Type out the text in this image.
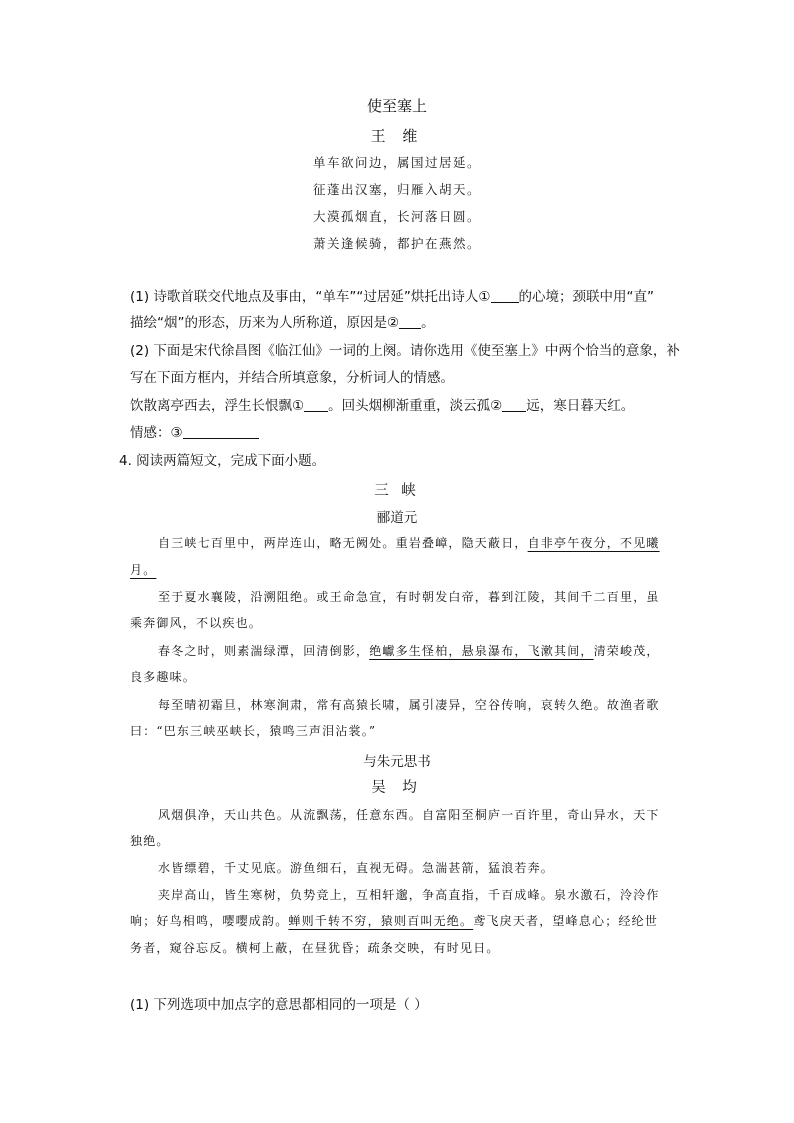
使至塞上
王 维
单车欲问边，属国过居延。
征蓬出汉塞，归雁入胡天。
大漠孤烟直，长河落日圆。
萧关逢候骑，都护在燕然。
(1) 诗歌首联交代地点及事由，“单车”“过居延”烘托出诗人① 的心境；颈联中用“直”
描绘“烟”的形态，历来为人所称道，原因是② 。
(2) 下面是宋代徐昌图《临江仙》一词的上阕。请你选用《使至塞上》中两个恰当的意象，补
写在下面方框内，并结合所填意象，分析词人的情感。
饮散离亭西去，浮生长恨飘① 。回头烟柳渐重重，淡云孤② 远，寒日暮天红。
情感：③
4. 阅读两篇短文，完成下面小题。
三 峡
郦道元
自三峡七百里中，两岸连山，略无阙处。重岩叠嶂，隐天蔽日，自非亭午夜分，不见曦
月。
至于夏水襄陵，沿溯阻绝。或王命急宣，有时朝发白帝，暮到江陵，其间千二百里，虽
乘奔御风，不以疾也。
春冬之时，则素湍绿潭，回清倒影，绝巘多生怪柏，悬泉瀑布，飞漱其间，清荣峻茂，
良多趣味。
每至晴初霜旦，林寒涧肃，常有高猿长啸，属引凄异，空谷传响，哀转久绝。故渔者歌
曰：“巴东三峡巫峡长，猿鸣三声泪沾裳。”
与朱元思书
吴 均
风烟俱净，天山共色。从流飘荡，任意东西。自富阳至桐庐一百许里，奇山异水，天下
独绝。
水皆缥碧，千丈见底。游鱼细石，直视无碍。急湍甚箭，猛浪若奔。
夹岸高山，皆生寒树，负势竞上，互相轩邈，争高直指，千百成峰。泉水激石，泠泠作
响；好鸟相鸣，嘤嘤成韵。蝉则千转不穷，猿则百叫无绝。鸢飞戾天者，望峰息心；经纶世
务者，窥谷忘反。横柯上蔽，在昼犹昏；疏条交映，有时见日。
(1) 下列选项中加点字的意思都相同的一项是（ ）
